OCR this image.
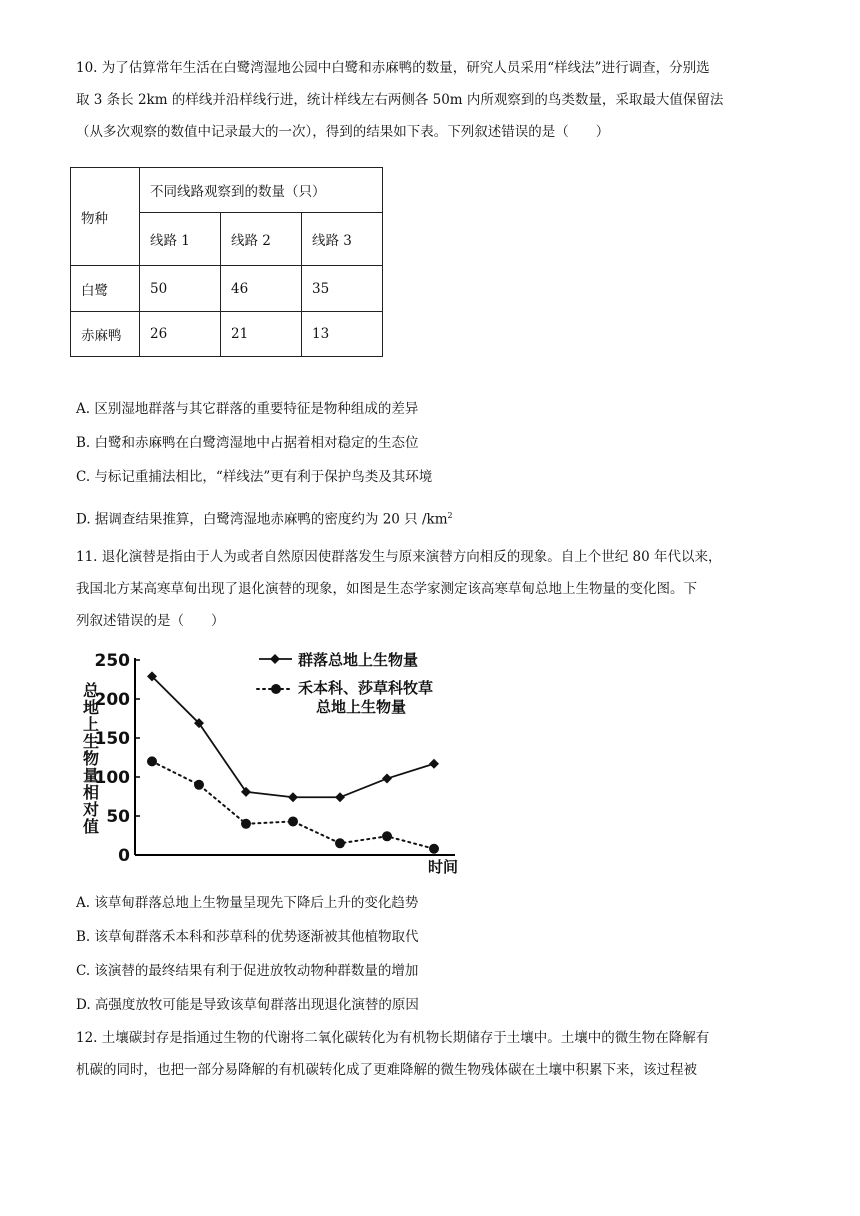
10. 为了估算常年生活在白鹭湾湿地公园中白鹭和赤麻鸭的数量，研究人员采用“样线法”进行调查，分别选
取 3 条长 2km 的样线并沿样线行进，统计样线左右两侧各 50m 内所观察到的鸟类数量，采取最大值保留法
（从多次观察的数值中记录最大的一次），得到的结果如下表。下列叙述错误的是（　　）
物种	不同线路观察到的数量（只）		
	线路 1	线路 2	线路 3
白鹭	50	46	35
赤麻鸭	26	21	13
A. 区别湿地群落与其它群落的重要特征是物种组成的差异
B. 白鹭和赤麻鸭在白鹭湾湿地中占据着相对稳定的生态位
C. 与标记重捕法相比，“样线法”更有利于保护鸟类及其环境
D. 据调查结果推算，白鹭湾湿地赤麻鸭的密度约为 20 只 $/km^2$
11. 退化演替是指由于人为或者自然原因使群落发生与原来演替方向相反的现象。自上个世纪 80 年代以来，
我国北方某高寒草甸出现了退化演替的现象，如图是生态学家测定该高寒草甸总地上生物量的变化图。下
列叙述错误的是（　　）
0
50
100
150
200
250
总地上生物量相对值
时间
群落总地上生物量
禾本科、莎草科牧草
总地上生物量
A. 该草甸群落总地上生物量呈现先下降后上升的变化趋势
B. 该草甸群落禾本科和莎草科的优势逐渐被其他植物取代
C. 该演替的最终结果有利于促进放牧动物种群数量的增加
D. 高强度放牧可能是导致该草甸群落出现退化演替的原因
12. 土壤碳封存是指通过生物的代谢将二氧化碳转化为有机物长期储存于土壤中。土壤中的微生物在降解有
机碳的同时，也把一部分易降解的有机碳转化成了更难降解的微生物残体碳在土壤中积累下来，该过程被
